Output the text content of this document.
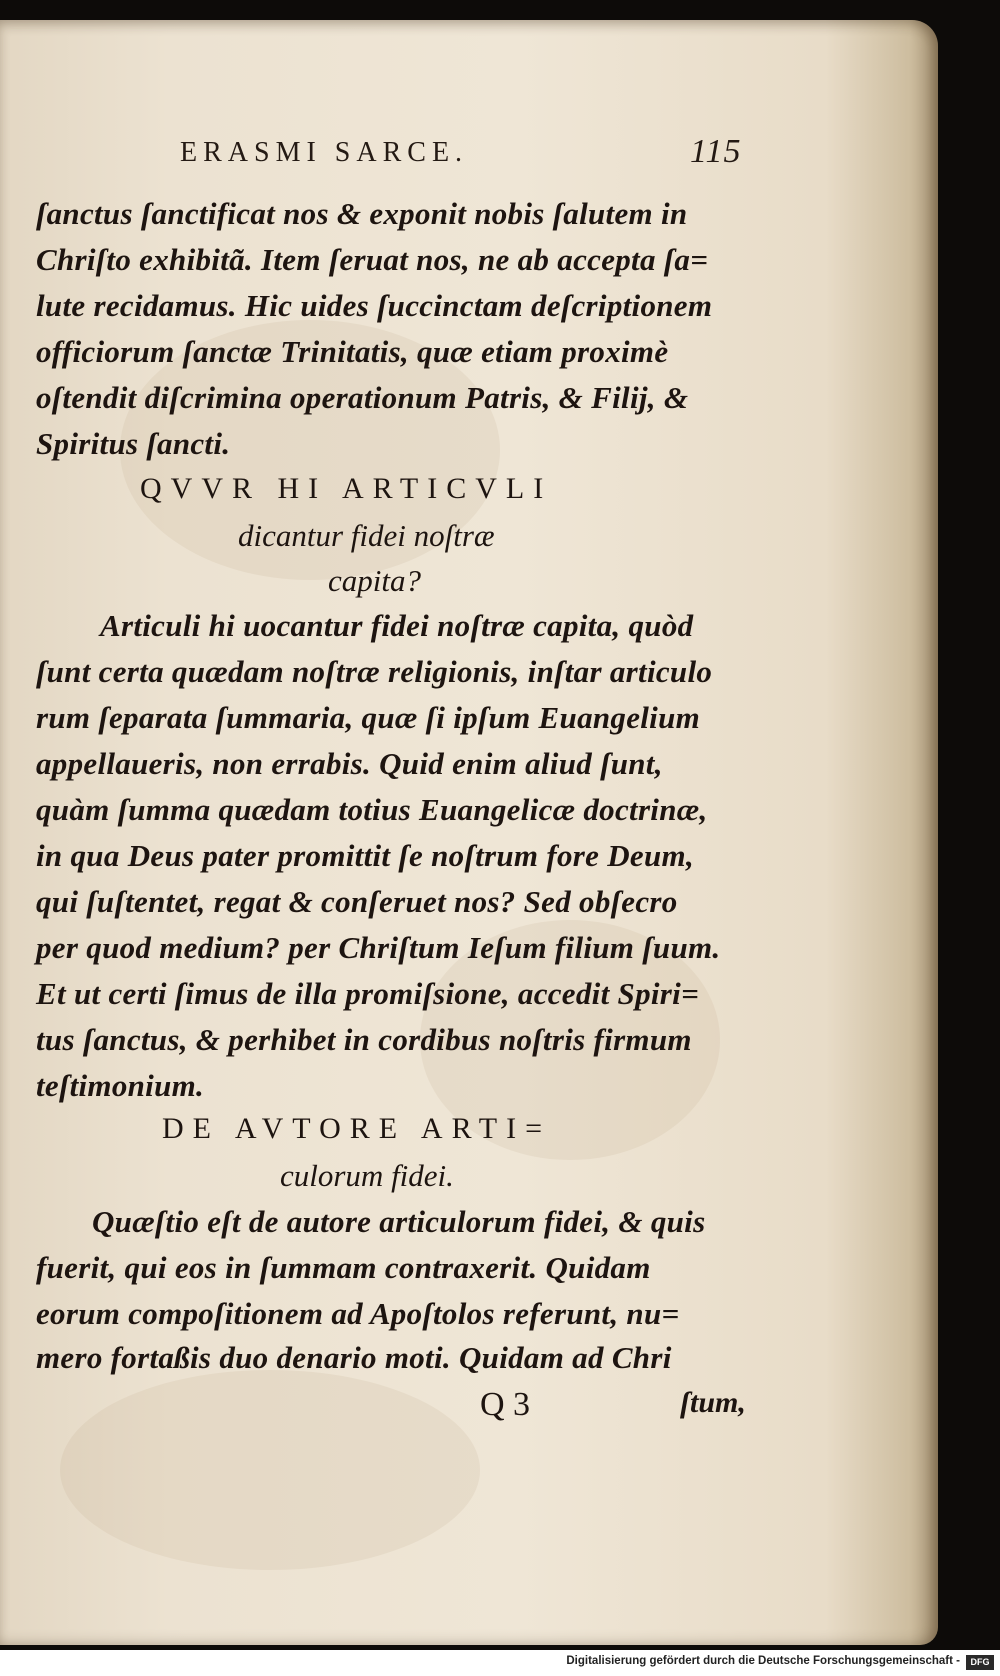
ERASMI SARCE.	115
ſanctus ſanctificat nos & exponit nobis ſalutem in
Chriſto exhibitã. Item ſeruat nos, ne ab accepta ſa=
lute recidamus. Hic uides ſuccinctam deſcriptionem
officiorum ſanctæ Trinitatis, quæ etiam proximè
oſtendit diſcrimina operationum Patris, & Filij, &
Spiritus ſancti.
QVVR HI ARTICVLI
dicantur fidei noſtræ
capita?
Articuli hi uocantur fidei noſtræ capita, quòd
ſunt certa quædam noſtræ religionis, inſtar articulo
rum ſeparata ſummaria, quæ ſi ipſum Euangelium
appellaueris, non errabis. Quid enim aliud ſunt,
quàm ſumma quædam totius Euangelicæ doctrinæ,
in qua Deus pater promittit ſe noſtrum fore Deum,
qui ſuſtentet, regat & conſeruet nos? Sed obſecro
per quod medium? per Chriſtum Ieſum filium ſuum.
Et ut certi ſimus de illa promiſsione, accedit Spiri=
tus ſanctus, & perhibet in cordibus noſtris firmum
teſtimonium.
DE AVTORE ARTI=
culorum fidei.
Quæſtio eſt de autore articulorum fidei, & quis
fuerit, qui eos in ſummam contraxerit. Quidam
eorum compoſitionem ad Apoſtolos referunt, nu=
mero fortaßis duo denario moti. Quidam ad Chri
Q 3	ſtum,
Digitalisierung gefördert durch die Deutsche Forschungsgemeinschaft -	DFG
